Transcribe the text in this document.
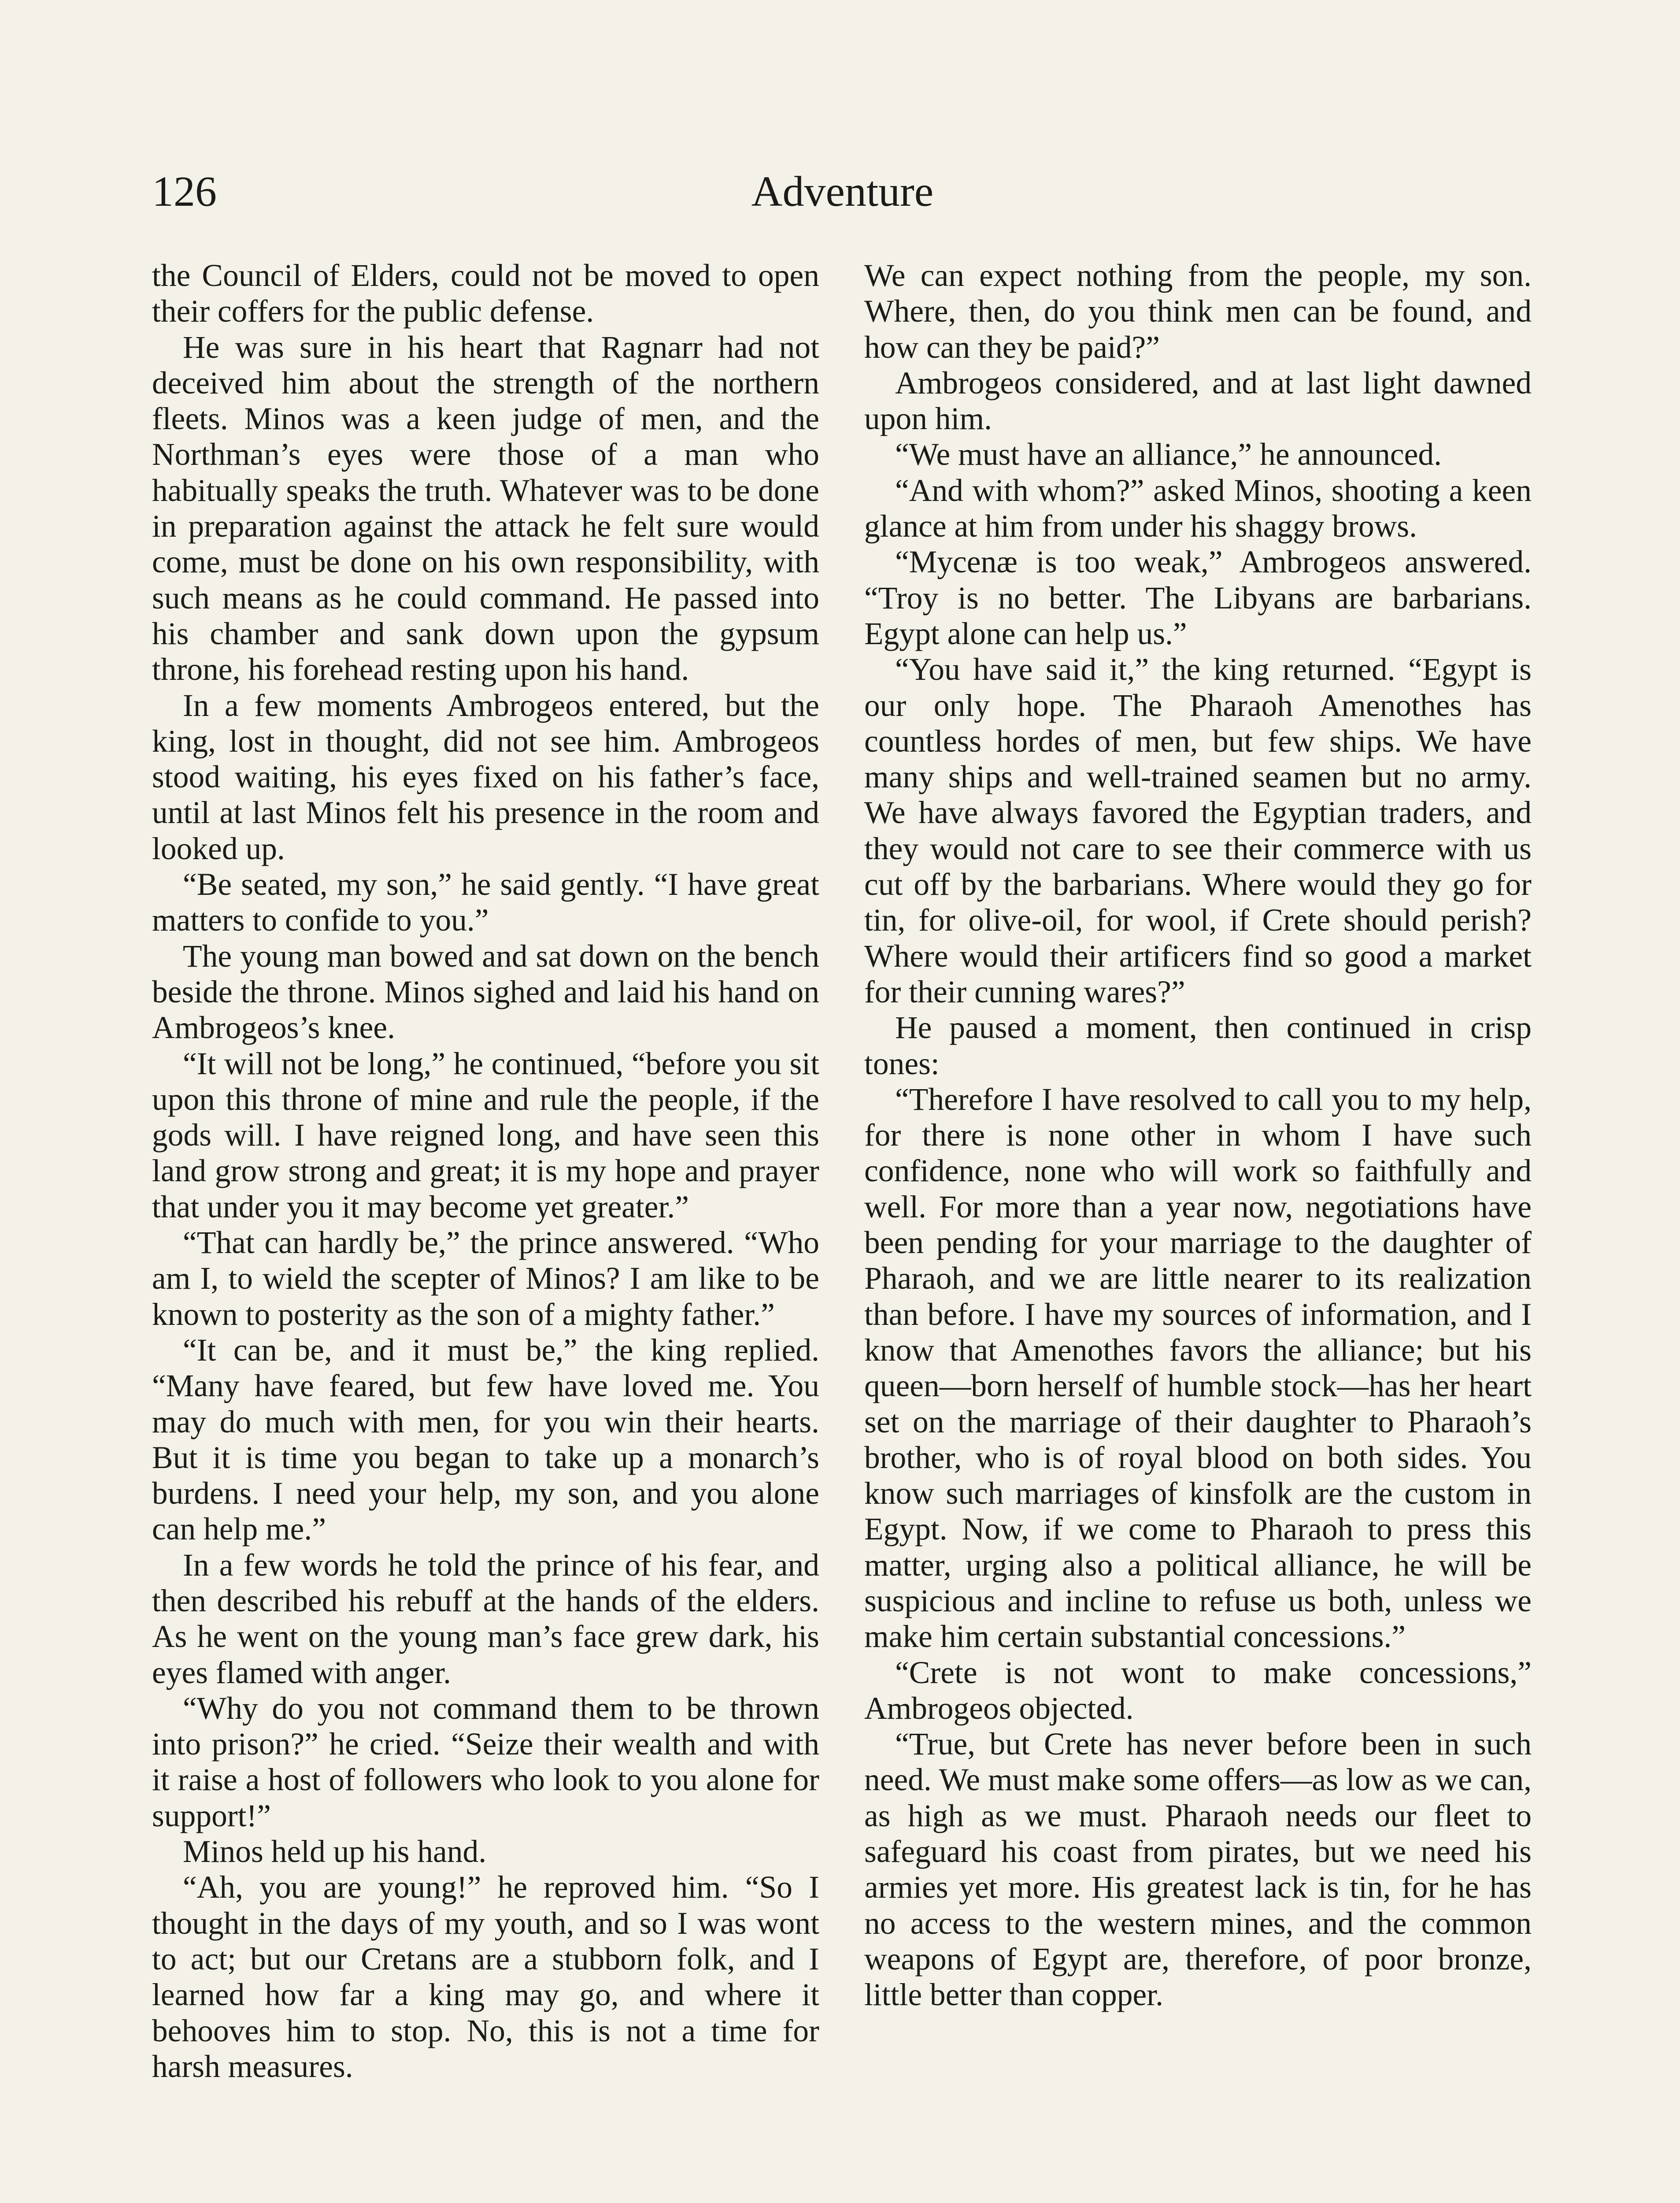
126	Adventure

the Council of Elders, could not be moved to open their coffers for the public defense.

He was sure in his heart that Ragnarr had not deceived him about the strength of the northern fleets. Minos was a keen judge of men, and the Northman’s eyes were those of a man who habitually speaks the truth. Whatever was to be done in preparation against the attack he felt sure would come, must be done on his own responsibility, with such means as he could command. He passed into his chamber and sank down upon the gypsum throne, his forehead resting upon his hand.

In a few moments Ambrogeos entered, but the king, lost in thought, did not see him. Ambrogeos stood waiting, his eyes fixed on his father’s face, until at last Minos felt his presence in the room and looked up.

“Be seated, my son,” he said gently. “I have great matters to confide to you.”

The young man bowed and sat down on the bench beside the throne. Minos sighed and laid his hand on Ambrogeos’s knee.

“It will not be long,” he continued, “before you sit upon this throne of mine and rule the people, if the gods will. I have reigned long, and have seen this land grow strong and great; it is my hope and prayer that under you it may become yet greater.”

“That can hardly be,” the prince answered. “Who am I, to wield the scepter of Minos? I am like to be known to posterity as the son of a mighty father.”

“It can be, and it must be,” the king replied. “Many have feared, but few have loved me. You may do much with men, for you win their hearts. But it is time you began to take up a monarch’s burdens. I need your help, my son, and you alone can help me.”

In a few words he told the prince of his fear, and then described his rebuff at the hands of the elders. As he went on the young man’s face grew dark, his eyes flamed with anger.

“Why do you not command them to be thrown into prison?” he cried. “Seize their wealth and with it raise a host of followers who look to you alone for support!”

Minos held up his hand.

“Ah, you are young!” he reproved him. “So I thought in the days of my youth, and so I was wont to act; but our Cretans are a stubborn folk, and I learned how far a king may go, and where it behooves him to stop. No, this is not a time for harsh measures.

We can expect nothing from the people, my son. Where, then, do you think men can be found, and how can they be paid?”

Ambrogeos considered, and at last light dawned upon him.

“We must have an alliance,” he announced.

“And with whom?” asked Minos, shooting a keen glance at him from under his shaggy brows.

“Mycenæ is too weak,” Ambrogeos answered. “Troy is no better. The Libyans are barbarians. Egypt alone can help us.”

“You have said it,” the king returned. “Egypt is our only hope. The Pharaoh Amenothes has countless hordes of men, but few ships. We have many ships and well-trained seamen but no army. We have always favored the Egyptian traders, and they would not care to see their commerce with us cut off by the barbarians. Where would they go for tin, for olive-oil, for wool, if Crete should perish? Where would their artificers find so good a market for their cunning wares?”

He paused a moment, then continued in crisp tones:

“Therefore I have resolved to call you to my help, for there is none other in whom I have such confidence, none who will work so faithfully and well. For more than a year now, negotiations have been pending for your marriage to the daughter of Pharaoh, and we are little nearer to its realization than before. I have my sources of information, and I know that Amenothes favors the alliance; but his queen—born herself of humble stock—has her heart set on the marriage of their daughter to Pharaoh’s brother, who is of royal blood on both sides. You know such marriages of kinsfolk are the custom in Egypt. Now, if we come to Pharaoh to press this matter, urging also a political alliance, he will be suspicious and incline to refuse us both, unless we make him certain substantial concessions.”

“Crete is not wont to make concessions,” Ambrogeos objected.

“True, but Crete has never before been in such need. We must make some offers—as low as we can, as high as we must. Pharaoh needs our fleet to safeguard his coast from pirates, but we need his armies yet more. His greatest lack is tin, for he has no access to the western mines, and the common weapons of Egypt are, therefore, of poor bronze, little better than copper.
